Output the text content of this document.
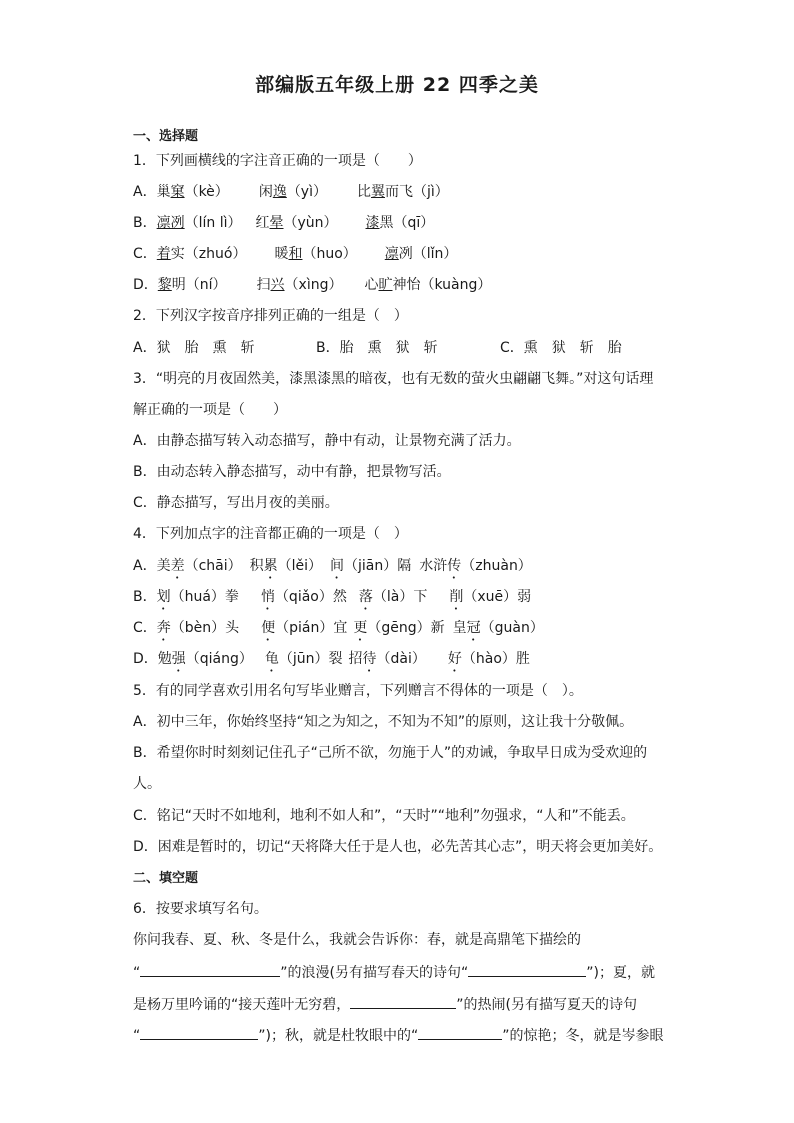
部编版五年级上册 22 四季之美
一、选择题
1．下列画横线的字注音正确的一项是（　　）
A．巢窠（kè） 闲逸（yì） 比翼而飞（jì）
B．凛冽（lín lì） 红晕（yùn） 漆黑（qī）
C．着实（zhuó） 暖和（huo） 凛冽（lǐn）
D．黎明（ní） 扫兴（xìng） 心旷神怡（kuàng）
2．下列汉字按音序排列正确的一组是（　）
A．狱　胎　熏　斩	B．胎　熏　狱　斩	C．熏　狱　斩　胎
3．“明亮的月夜固然美，漆黑漆黑的暗夜，也有无数的萤火虫翩翩飞舞。”对这句话理
解正确的一项是（　　）
A．由静态描写转入动态描写，静中有动，让景物充满了活力。
B．由动态转入静态描写，动中有静，把景物写活。
C．静态描写，写出月夜的美丽。
4．下列加点字的注音都正确的一项是（　）
A．美差（chāi） 积累（lěi） 间（jiān）隔 水浒传（zhuàn）
B．划（huá）拳 悄（qiǎo）然 落（là）下 削（xuē）弱
C．奔（bèn）头 便（pián）宜 更（gēng）新 皇冠（guàn）
D．勉强（qiáng） 龟（jūn）裂 招待（dài） 好（hào）胜
5．有的同学喜欢引用名句写毕业赠言，下列赠言不得体的一项是（　）。
A．初中三年，你始终坚持“知之为知之，不知为不知”的原则，这让我十分敬佩。
B．希望你时时刻刻记住孔子“己所不欲，勿施于人”的劝诫，争取早日成为受欢迎的
人。
C．铭记“天时不如地利，地利不如人和”，“天时”“地利”勿强求，“人和”不能丢。
D．困难是暂时的，切记“天将降大任于是人也，必先苦其心志”，明天将会更加美好。
二、填空题
6．按要求填写名句。
你问我春、夏、秋、冬是什么，我就会告诉你：春，就是高鼎笔下描绘的
“	”的浪漫(另有描写春天的诗句“	”)；夏，就
是杨万里吟诵的“接天莲叶无穷碧，	”的热闹(另有描写夏天的诗句
“	”)；秋，就是杜牧眼中的“	”的惊艳；冬，就是岑参眼
